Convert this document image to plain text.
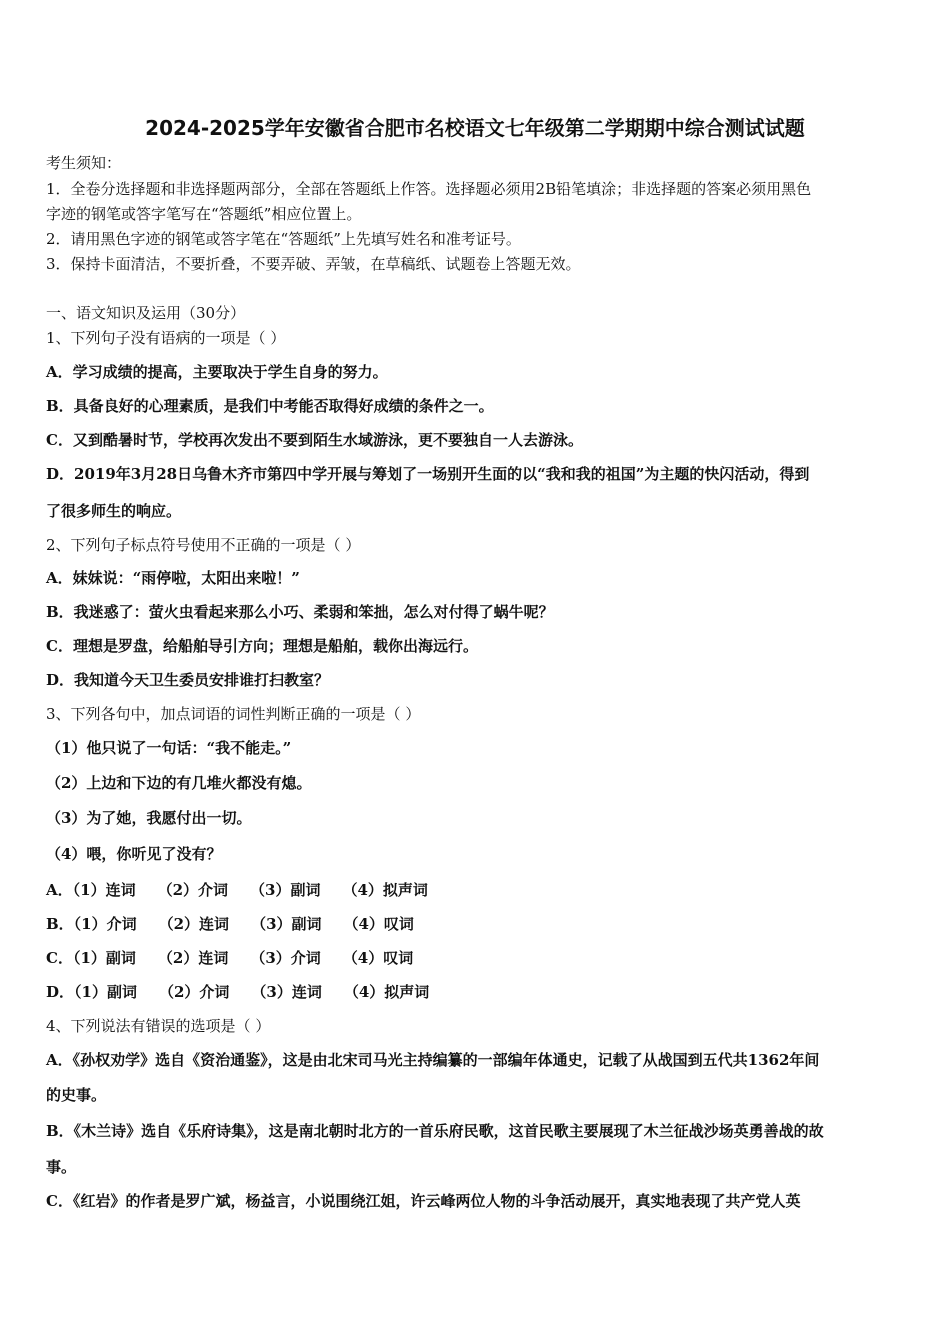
2024-2025学年安徽省合肥市名校语文七年级第二学期期中综合测试试题
考生须知：
1．全卷分选择题和非选择题两部分，全部在答题纸上作答。选择题必须用2B铅笔填涂；非选择题的答案必须用黑色
字迹的钢笔或答字笔写在“答题纸”相应位置上。
2．请用黑色字迹的钢笔或答字笔在“答题纸”上先填写姓名和准考证号。
3．保持卡面清洁，不要折叠，不要弄破、弄皱，在草稿纸、试题卷上答题无效。
一、语文知识及运用（30分）
1、下列句子没有语病的一项是（ ）
A．学习成绩的提高，主要取决于学生自身的努力。
B．具备良好的心理素质，是我们中考能否取得好成绩的条件之一。
C．又到酷暑时节，学校再次发出不要到陌生水域游泳，更不要独自一人去游泳。
D．2019年3月28日乌鲁木齐市第四中学开展与筹划了一场别开生面的以“我和我的祖国”为主题的快闪活动，得到
了很多师生的响应。
2、下列句子标点符号使用不正确的一项是（ ）
A．妹妹说：“雨停啦，太阳出来啦！”
B．我迷惑了：萤火虫看起来那么小巧、柔弱和笨拙，怎么对付得了蜗牛呢？
C．理想是罗盘，给船舶导引方向；理想是船舶，载你出海远行。
D．我知道今天卫生委员安排谁打扫教室？
3、下列各句中，加点词语的词性判断正确的一项是（ ）
（1）他只说了一句话：“我不能走。”
（2）上边和下边的有几堆火都没有熄。
（3）为了她，我愿付出一切。
（4）喂，你听见了没有？
A．（1）连词 （2）介词 （3）副词 （4）拟声词
B．（1）介词 （2）连词 （3）副词 （4）叹词
C．（1）副词 （2）连词 （3）介词 （4）叹词
D．（1）副词 （2）介词 （3）连词 （4）拟声词
4、下列说法有错误的选项是（ ）
A．《孙权劝学》选自《资治通鉴》，这是由北宋司马光主持编纂的一部编年体通史，记载了从战国到五代共1362年间
的史事。
B．《木兰诗》选自《乐府诗集》，这是南北朝时北方的一首乐府民歌，这首民歌主要展现了木兰征战沙场英勇善战的故
事。
C．《红岩》的作者是罗广斌，杨益言，小说围绕江姐，许云峰两位人物的斗争活动展开，真实地表现了共产党人英
